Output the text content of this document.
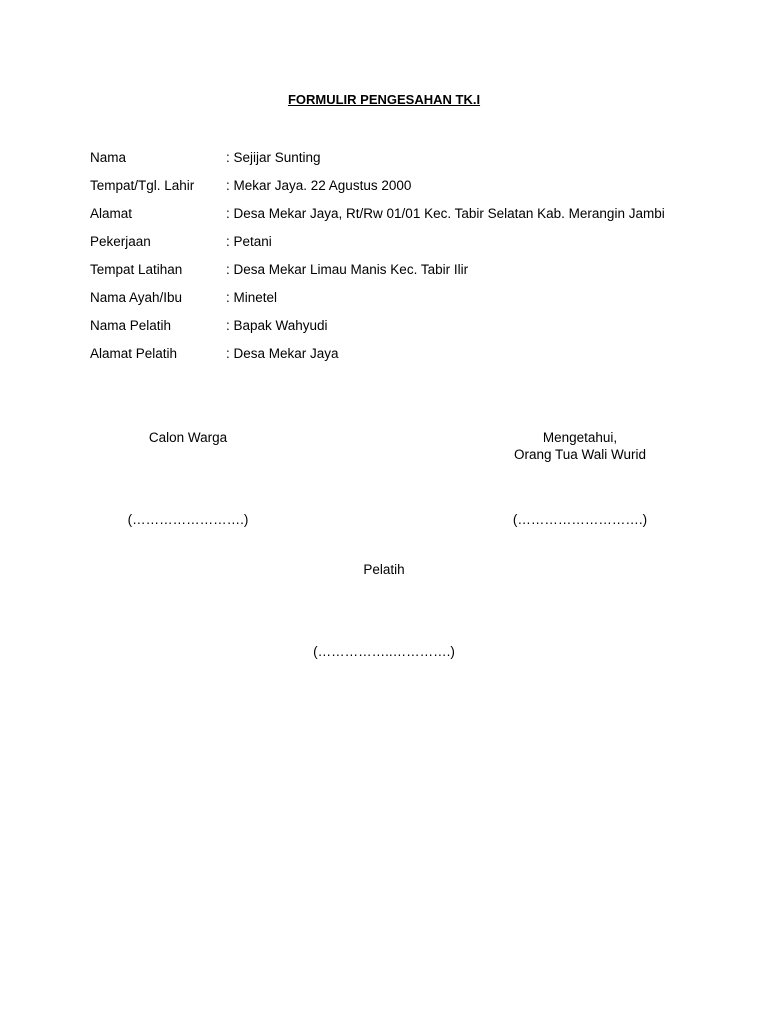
FORMULIR PENGESAHAN TK.I
Nama	: Sejijar Sunting
Tempat/Tgl. Lahir : Mekar Jaya. 22 Agustus 2000
Alamat	: Desa Mekar Jaya, Rt/Rw 01/01 Kec. Tabir Selatan Kab. Merangin Jambi
Pekerjaan	: Petani
Tempat Latihan	: Desa Mekar Limau Manis Kec. Tabir Ilir
Nama Ayah/Ibu	: Minetel
Nama Pelatih	: Bapak Wahyudi
Alamat Pelatih	: Desa Mekar Jaya
Calon Warga	Mengetahui,
Orang Tua Wali Wurid
(…………………….)	(……………………….)
Pelatih
(……………..………….)
